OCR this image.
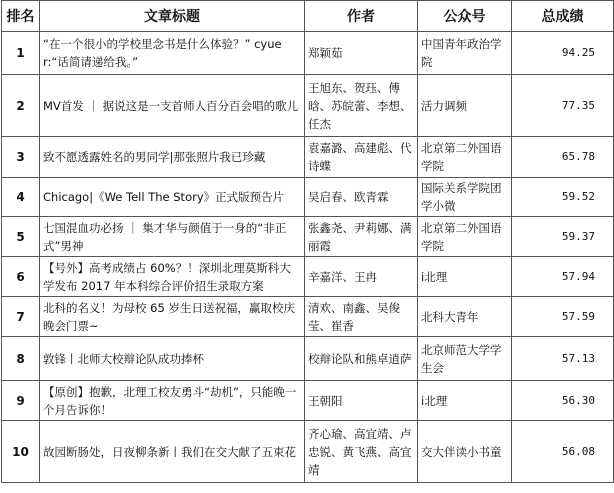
排名	文章标题	作者	公众号	总成绩
1	“在一个很小的学校里念书是什么体验？” cyuer:“话简请递给我。”	郑颖茹	中国青年政治学院	94.25
2	MV首发 ｜ 据说这是一支首师人百分百会唱的歌儿	王旭东、贺珏、傅晗、苏皖蕾、李想、 任杰	活力调频	77.35
3	致不愿透露姓名的男同学|那张照片我已珍藏	袁嘉潞、高建彪、代诗蝶	北京第二外国语学院	65.78
4	Chicago|《We Tell The Story》正式版预告片	吴启春、欧青霖	国际关系学院团学小微	59.52
5	七国混血功必扬 ｜ 集才华与颜值于一身的“非正式”男神	张鑫尧、尹莉娜、满丽霞	北京第二外国语学院	59.37
6	【号外】高考成绩占 60%？！深圳北理莫斯科大学发布 2017 年本科综合评价招生录取方案	辛嘉洋、王冉	i北理	57.94
7	北科的名义！为母校 65 岁生日送祝福，赢取校庆晚会门票~	清欢、南鑫、吴俊莹、崔香	北科大青年	57.59
8	敦锋丨北师大校辩论队成功捧杯	校辩论队和熊卓逍萨	北京师范大学学生会	57.13
9	【原创】抱歉，北理工校友勇斗“劫机”，只能晚一个月告诉你！	王朝阳	i北理	56.30
10	故园断肠处，日夜柳条新丨我们在交大献了五束花	齐心瑜、高宜靖、卢忠锐、黄飞燕、高宜靖	交大伴读小书童	56.08
